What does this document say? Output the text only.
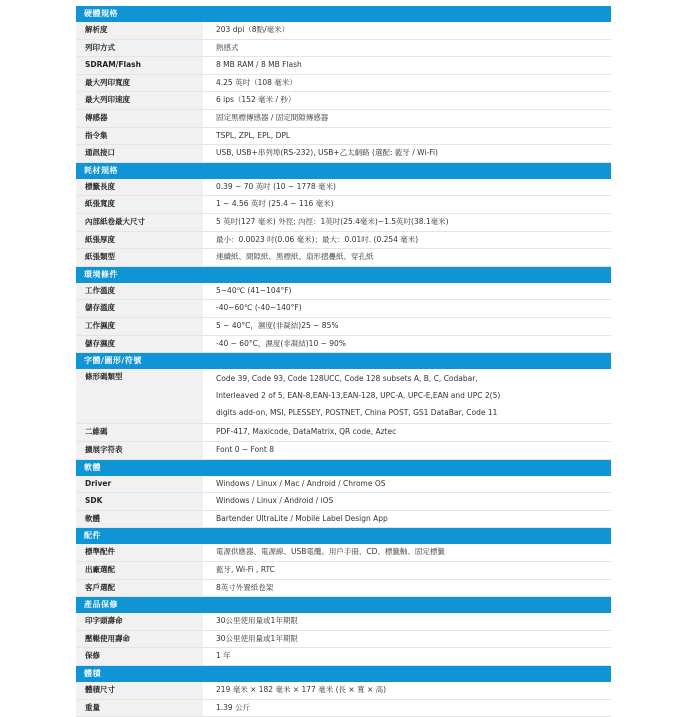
硬體規格
解析度	203 dpi（8點/毫米）
列印方式	熱感式
SDRAM/Flash	8 MB RAM / 8 MB Flash
最大列印寬度	4.25 英吋（108 毫米）
最大列印速度	6 ips（152 毫米 / 秒）
傳感器	固定黑標傳感器 / 固定間隙傳感器
指令集	TSPL, ZPL, EPL, DPL
通訊接口	USB, USB+串列埠(RS-232), USB+乙太網路 (選配: 藍牙 / Wi-Fi)
耗材規格
標籤長度	0.39 ~ 70 英吋 (10 ~ 1778 毫米)
紙張寬度	1 ~ 4.56 英吋 (25.4 ~ 116 毫米)
內部紙卷最大尺寸	5 英吋(127 毫米) 外徑; 內徑：1英吋(25.4毫米)~1.5英吋(38.1毫米)
紙張厚度	最小：0.0023 吋(0.06 毫米)；最大：0.01吋. (0.254 毫米)
紙張類型	連續紙、間隙紙、黑標紙、扇形摺疊紙、穿孔紙
環境條件
工作溫度	5~40℃ (41~104°F)
儲存溫度	-40~60℃ (-40~140°F)
工作濕度	5 ~ 40°C，濕度(非凝結)25 ~ 85%
儲存濕度	-40 ~ 60°C，濕度(非凝結)10 ~ 90%
字體/圖形/符號
條形碼類型	Code 39, Code 93, Code 128UCC, Code 128 subsets A, B, C, Codabar,
Interleaved 2 of 5, EAN-8,EAN-13,EAN-128, UPC-A, UPC-E,EAN and UPC 2(5)
digits add-on, MSI, PLESSEY, POSTNET, China POST, GS1 DataBar, Code 11
二維碼	PDF-417, Maxicode, DataMatrix, QR code, Aztec
擴展字符表	Font 0 ~ Font 8
軟體
Driver	Windows / Linux / Mac / Android / Chrome OS
SDK	Windows / Linux / Android / iOS
軟體	Bartender UltraLite / Mobile Label Design App
配件
標準配件	電源供應器、電源線、USB電纜、用戶手冊、CD、標籤軸、固定標籤
出廠選配	藍牙, Wi-Fi , RTC
客戶選配	8英寸外置紙卷架
產品保修
印字頭壽命	30公里使用量或1年期限
壓輥使用壽命	30公里使用量或1年期限
保修	1 年
體積
體積尺寸	219 毫米 × 182 毫米 × 177 毫米 (長 × 寬 × 高)
重量	1.39 公斤
